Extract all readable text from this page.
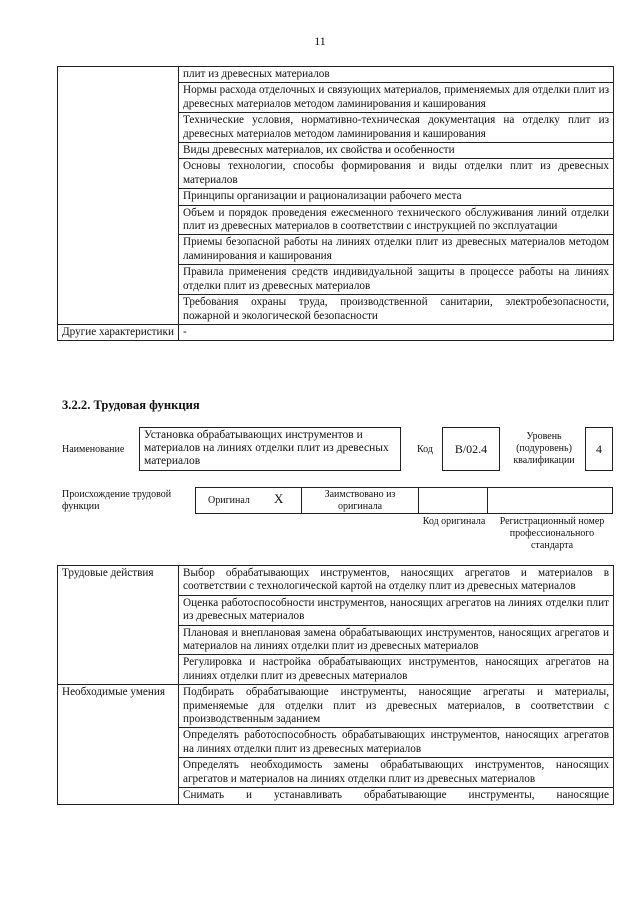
11
	плит из древесных материалов
	Нормы расхода отделочных и связующих материалов, применяемых для отделки плит из древесных материалов методом ламинирования и каширования
	Технические условия, нормативно-техническая документация на отделку плит из древесных материалов методом ламинирования и каширования
	Виды древесных материалов, их свойства и особенности
	Основы технологии, способы формирования и виды отделки плит из древесных материалов
	Принципы организации и рационализации рабочего места
	Объем и порядок проведения ежесменного технического обслуживания линий отделки плит из древесных материалов в соответствии с инструкцией по эксплуатации
	Приемы безопасной работы на линиях отделки плит из древесных материалов методом ламинирования и каширования
	Правила применения средств индивидуальной защиты в процессе работы на линиях отделки плит из древесных материалов
	Требования охраны труда, производственной санитарии, электробезопасности, пожарной и экологической безопасности
Другие характеристики	-
3.2.2. Трудовая функция
Наименование
Установка обрабатывающих инструментов и материалов на линиях отделки плит из древесных материалов
Код	B/02.4
Уровень (подуровень) квалификации
4
Происхождение трудовой функции
Оригинал X	Заимствовано из оригинала
Код оригинала	Регистрационный номер профессионального стандарта
Трудовые действия	Выбор обрабатывающих инструментов, наносящих агрегатов и материалов в соответствии с технологической картой на отделку плит из древесных материалов
	Оценка работоспособности инструментов, наносящих агрегатов на линиях отделки плит из древесных материалов
	Плановая и внеплановая замена обрабатывающих инструментов, наносящих агрегатов и материалов на линиях отделки плит из древесных материалов
	Регулировка и настройка обрабатывающих инструментов, наносящих агрегатов на линиях отделки плит из древесных материалов
Необходимые умения	Подбирать обрабатывающие инструменты, наносящие агрегаты и материалы, применяемые для отделки плит из древесных материалов, в соответствии с производственным заданием
	Определять работоспособность обрабатывающих инструментов, наносящих агрегатов на линиях отделки плит из древесных материалов
	Определять необходимость замены обрабатывающих инструментов, наносящих агрегатов и материалов на линиях отделки плит из древесных материалов
	Снимать и устанавливать обрабатывающие инструменты, наносящие
